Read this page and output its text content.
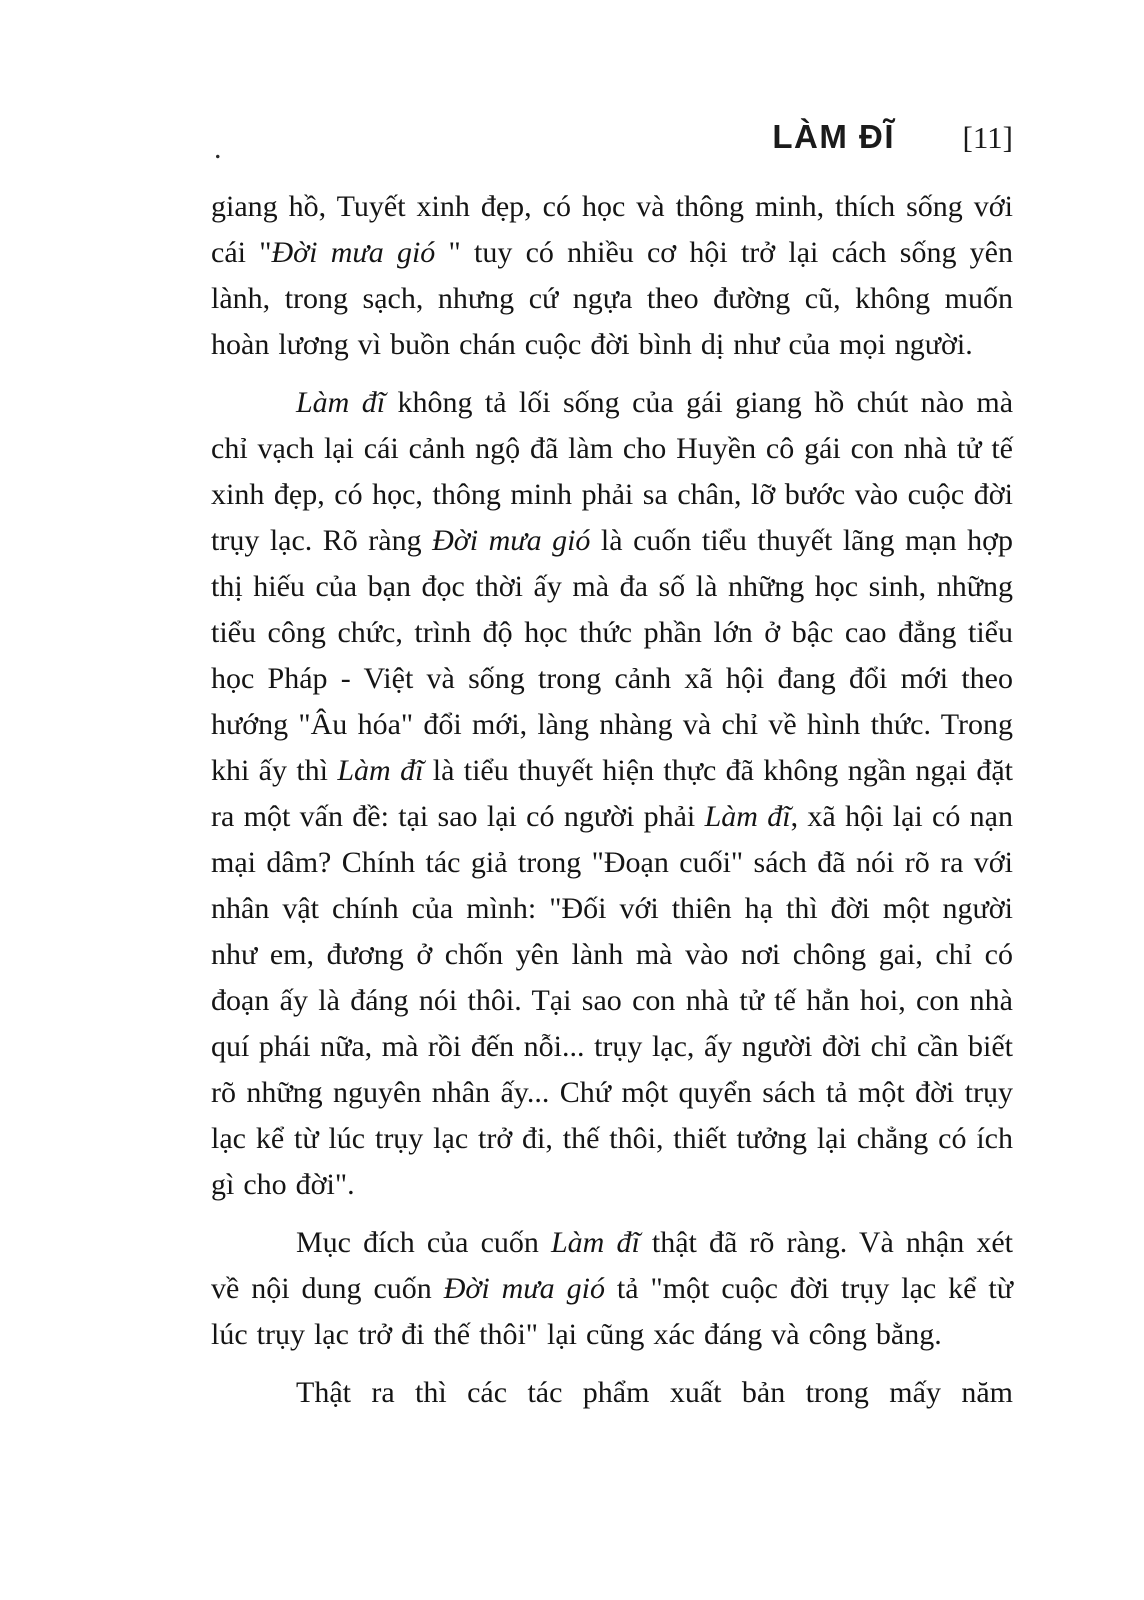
LÀM ĐĨ [11]
.

giang hồ, Tuyết xinh đẹp, có học và thông minh, thích sống với cái "Đời mưa gió " tuy có nhiều cơ hội trở lại cách sống yên lành, trong sạch, nhưng cứ ngựa theo đường cũ, không muốn hoàn lương vì buồn chán cuộc đời bình dị như của mọi người.

Làm đĩ không tả lối sống của gái giang hồ chút nào mà chỉ vạch lại cái cảnh ngộ đã làm cho Huyền cô gái con nhà tử tế xinh đẹp, có học, thông minh phải sa chân, lỡ bước vào cuộc đời trụy lạc. Rõ ràng Đời mưa gió là cuốn tiểu thuyết lãng mạn hợp thị hiếu của bạn đọc thời ấy mà đa số là những học sinh, những tiểu công chức, trình độ học thức phần lớn ở bậc cao đẳng tiểu học Pháp - Việt và sống trong cảnh xã hội đang đổi mới theo hướng "Âu hóa" đổi mới, làng nhàng và chỉ về hình thức. Trong khi ấy thì Làm đĩ là tiểu thuyết hiện thực đã không ngần ngại đặt ra một vấn đề: tại sao lại có người phải Làm đĩ, xã hội lại có nạn mại dâm? Chính tác giả trong "Đoạn cuối" sách đã nói rõ ra với nhân vật chính của mình: "Đối với thiên hạ thì đời một người như em, đương ở chốn yên lành mà vào nơi chông gai, chỉ có đoạn ấy là đáng nói thôi. Tại sao con nhà tử tế hẳn hoi, con nhà quí phái nữa, mà rồi đến nỗi... trụy lạc, ấy người đời chỉ cần biết rõ những nguyên nhân ấy... Chứ một quyển sách tả một đời trụy lạc kể từ lúc trụy lạc trở đi, thế thôi, thiết tưởng lại chẳng có ích gì cho đời".

Mục đích của cuốn Làm đĩ thật đã rõ ràng. Và nhận xét về nội dung cuốn Đời mưa gió tả "một cuộc đời trụy lạc kể từ lúc trụy lạc trở đi thế thôi" lại cũng xác đáng và công bằng.

Thật ra thì các tác phẩm xuất bản trong mấy năm
